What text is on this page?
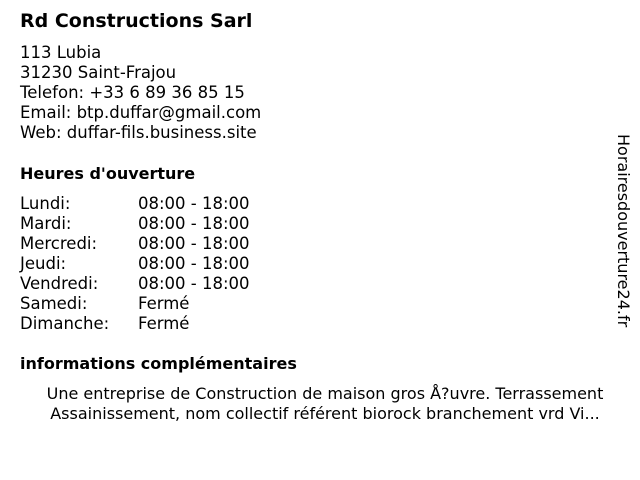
Rd Constructions Sarl
113 Lubia
31230 Saint-Frajou
Telefon: +33 6 89 36 85 15
Email: btp.duffar@gmail.com
Web: duffar-fils.business.site
Heures d'ouverture
Lundi:	08:00 - 18:00
Mardi:	08:00 - 18:00
Mercredi: 08:00 - 18:00
Jeudi:	08:00 - 18:00
Vendredi: 08:00 - 18:00
Samedi:	Fermé
Dimanche: Fermé
informations complémentaires
Une entreprise de Construction de maison gros Å?uvre. Terrassement
Assainissement, nom collectif référent biorock branchement vrd Vi...
Horairesdouverture24.fr
